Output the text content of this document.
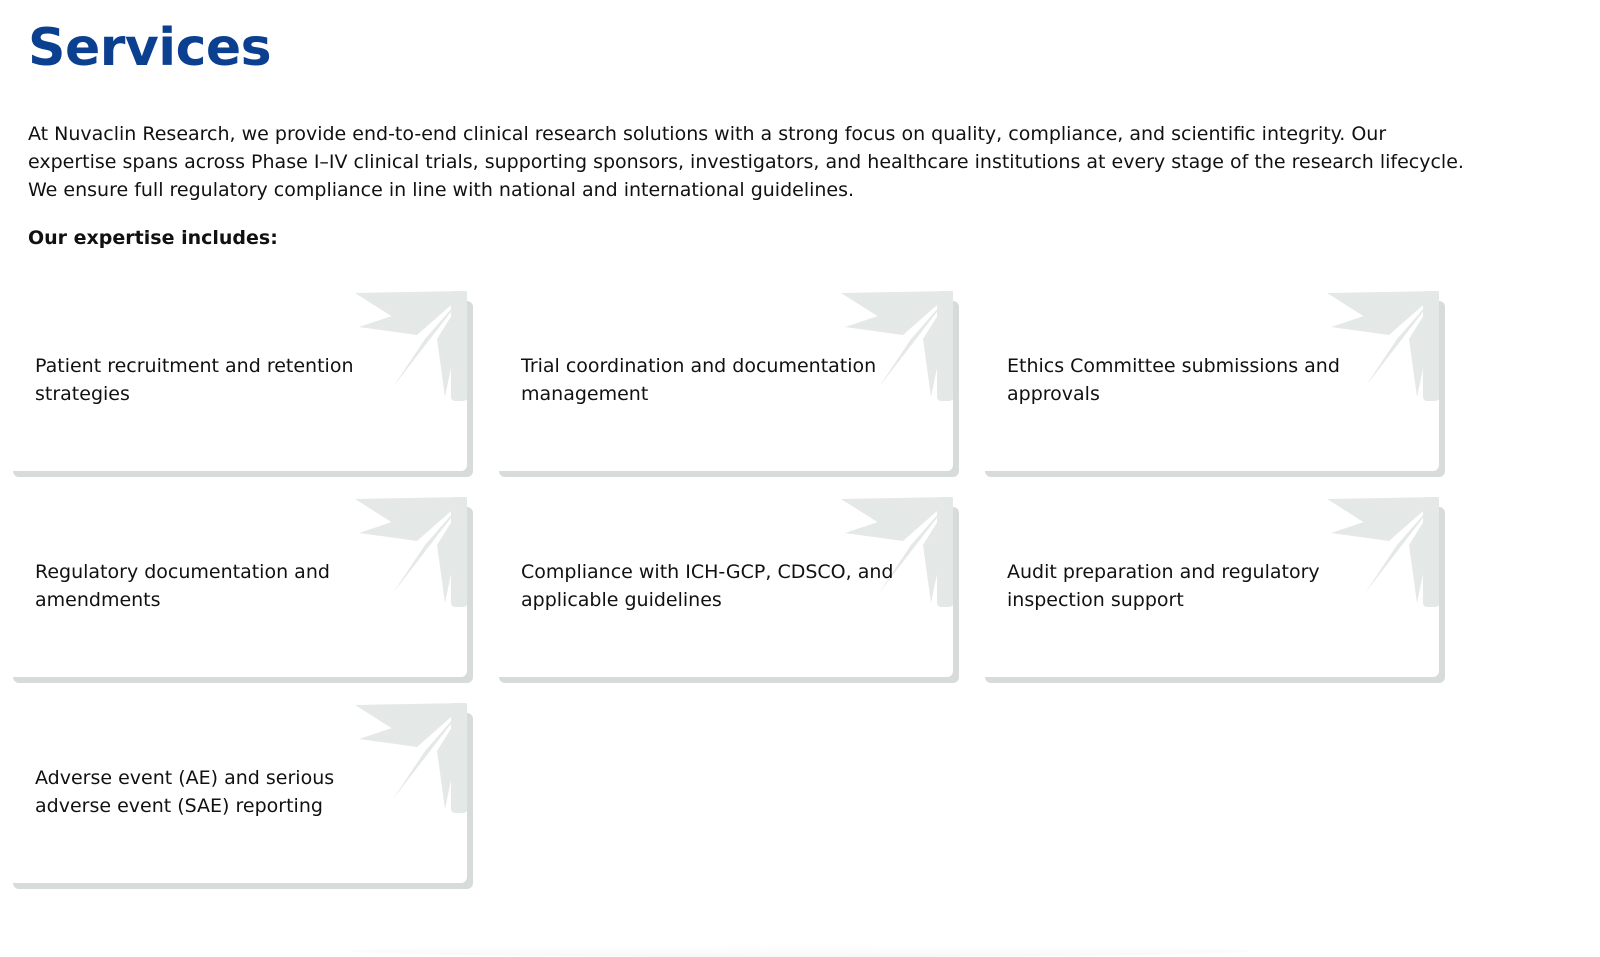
Services

At Nuvaclin Research, we provide end-to-end clinical research solutions with a strong focus on quality, compliance, and scientific integrity. Our expertise spans across Phase I–IV clinical trials, supporting sponsors, investigators, and healthcare institutions at every stage of the research lifecycle. We ensure full regulatory compliance in line with national and international guidelines.

Our expertise includes:

Patient recruitment and retention strategies
Trial coordination and documentation management
Ethics Committee submissions and approvals
Regulatory documentation and amendments
Compliance with ICH-GCP, CDSCO, and applicable guidelines
Audit preparation and regulatory inspection support
Adverse event (AE) and serious adverse event (SAE) reporting
